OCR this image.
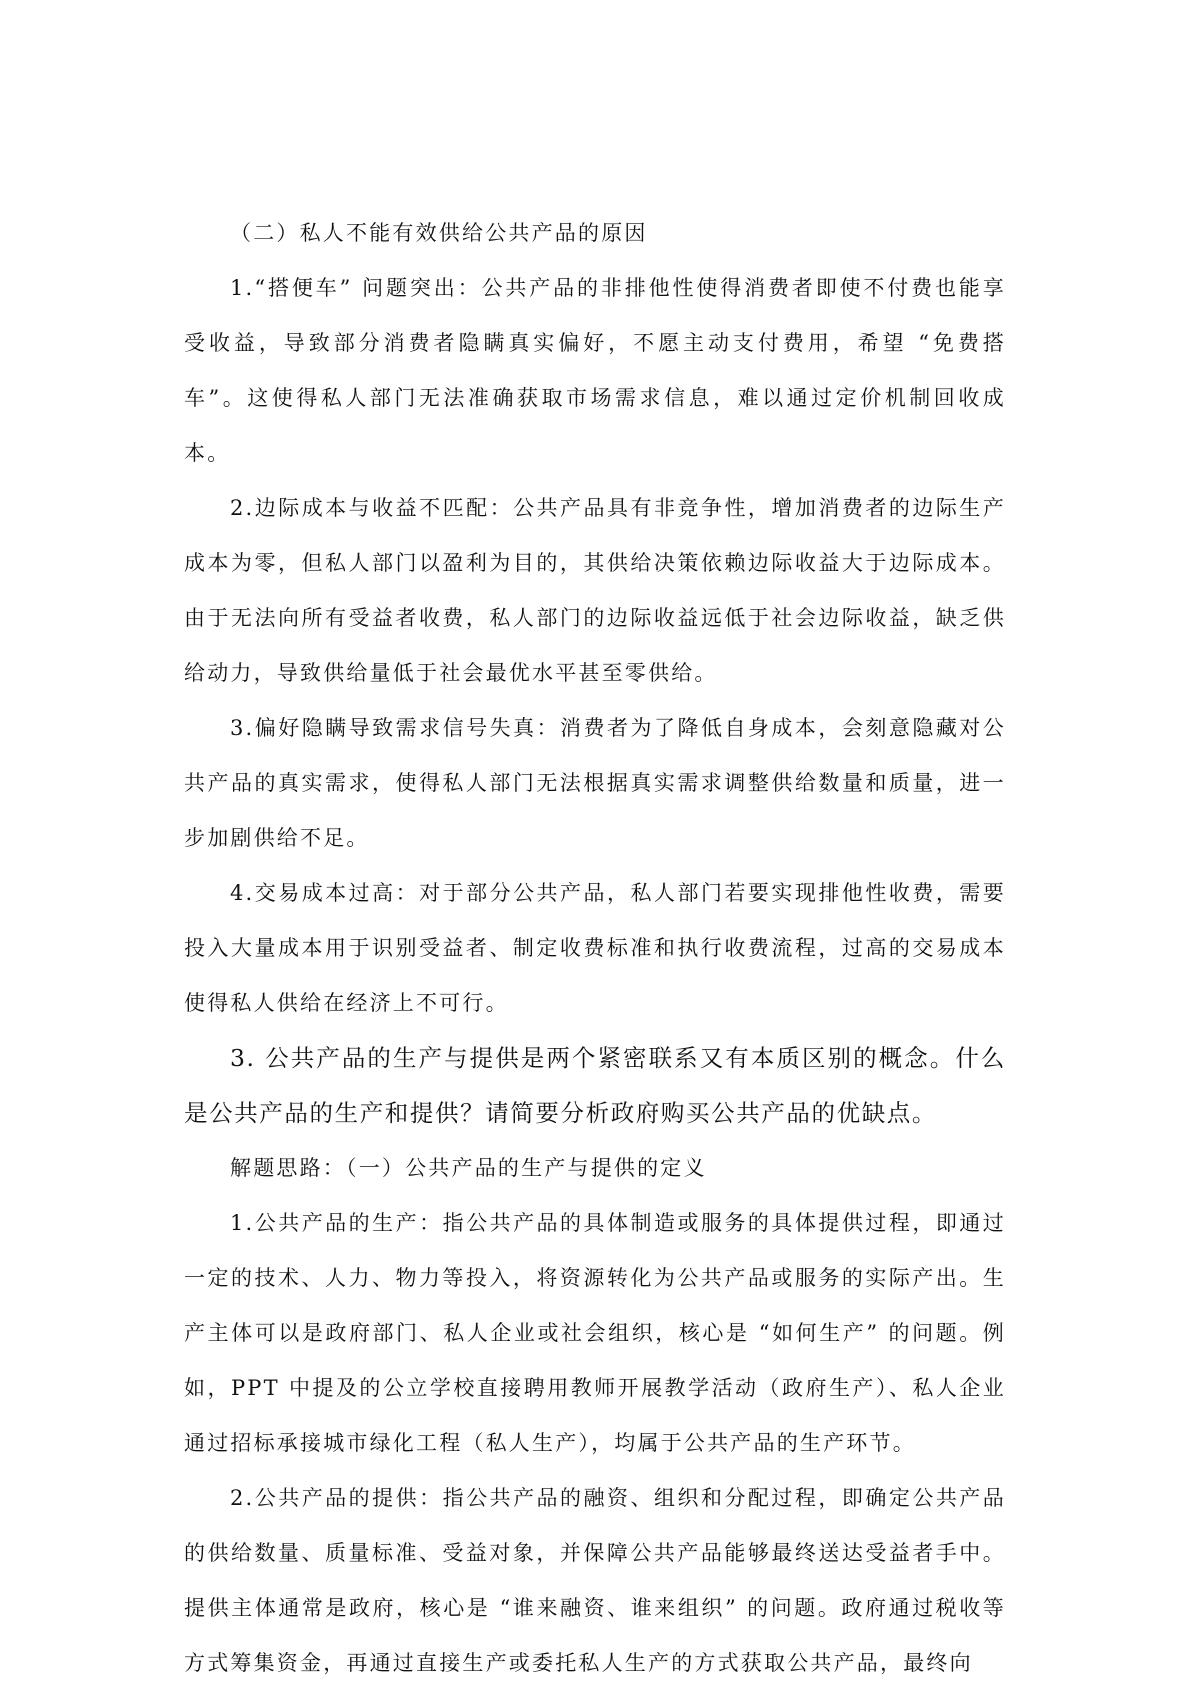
（二）私人不能有效供给公共产品的原因

1.“搭便车” 问题突出：公共产品的非排他性使得消费者即使不付费也能享受收益，导致部分消费者隐瞒真实偏好，不愿主动支付费用，希望 “免费搭车”。这使得私人部门无法准确获取市场需求信息，难以通过定价机制回收成本。

2.边际成本与收益不匹配：公共产品具有非竞争性，增加消费者的边际生产成本为零，但私人部门以盈利为目的，其供给决策依赖边际收益大于边际成本。由于无法向所有受益者收费，私人部门的边际收益远低于社会边际收益，缺乏供给动力，导致供给量低于社会最优水平甚至零供给。

3.偏好隐瞒导致需求信号失真：消费者为了降低自身成本，会刻意隐藏对公共产品的真实需求，使得私人部门无法根据真实需求调整供给数量和质量，进一步加剧供给不足。

4.交易成本过高：对于部分公共产品，私人部门若要实现排他性收费，需要投入大量成本用于识别受益者、制定收费标准和执行收费流程，过高的交易成本使得私人供给在经济上不可行。

3. 公共产品的生产与提供是两个紧密联系又有本质区别的概念。什么是公共产品的生产和提供？请简要分析政府购买公共产品的优缺点。

解题思路：（一）公共产品的生产与提供的定义

1.公共产品的生产：指公共产品的具体制造或服务的具体提供过程，即通过一定的技术、人力、物力等投入，将资源转化为公共产品或服务的实际产出。生产主体可以是政府部门、私人企业或社会组织，核心是 “如何生产” 的问题。例如，PPT 中提及的公立学校直接聘用教师开展教学活动（政府生产）、私人企业通过招标承接城市绿化工程（私人生产），均属于公共产品的生产环节。

2.公共产品的提供：指公共产品的融资、组织和分配过程，即确定公共产品的供给数量、质量标准、受益对象，并保障公共产品能够最终送达受益者手中。提供主体通常是政府，核心是 “谁来融资、谁来组织” 的问题。政府通过税收等方式筹集资金，再通过直接生产或委托私人生产的方式获取公共产品，最终向
